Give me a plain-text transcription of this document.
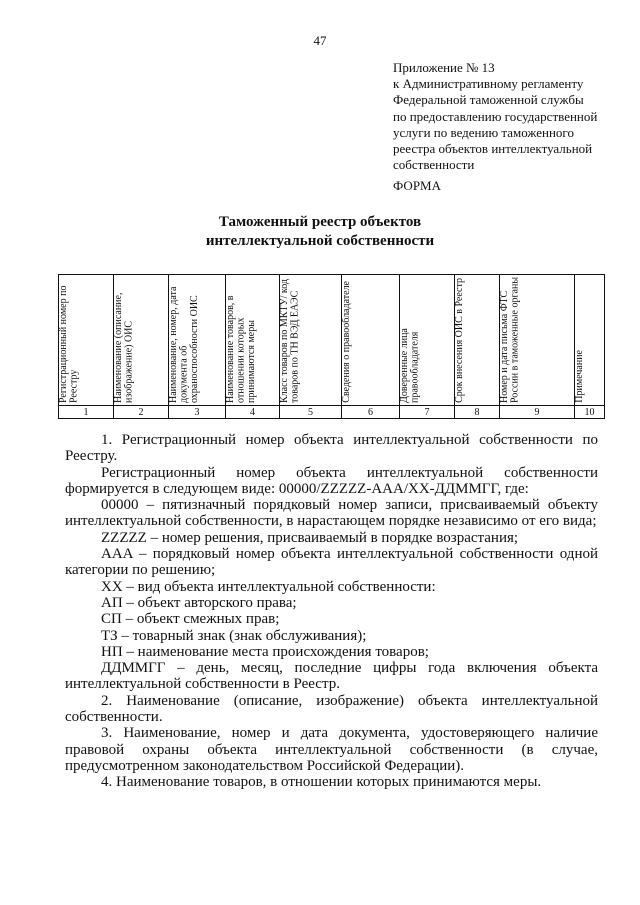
47
Приложение № 13
к Административному регламенту
Федеральной таможенной службы
по предоставлению государственной
услуги по ведению таможенного
реестра объектов интеллектуальной
собственности
ФОРМА
Таможенный реестр объектов
интеллектуальной собственности
Регистрационный номер по Реестру	Наименование (описание, изображение) ОИС	Наименование, номер, дата документа об охраноспособности ОИС	Наименование товаров, в отношении которых принимаются меры	Класс товаров по МКТУ/ код товаров по ТН ВЭД ЕАЭС	Сведения о правообладателе	Доверенные лица правообладателя	Срок внесения ОИС в Реестр	Номер и дата письма ФТС России в таможенные органы	Примечание

1	2	3	4	5	6	7	8	9	10

1. Регистрационный номер объекта интеллектуальной собственности по Реестру.

Регистрационный номер объекта интеллектуальной собственности формируется в следующем виде: 00000/ZZZZZ-AAA/XX-ДДММГГ, где:

00000 – пятизначный порядковый номер записи, присваиваемый объекту интеллектуальной собственности, в нарастающем порядке независимо от его вида;

ZZZZZ – номер решения, присваиваемый в порядке возрастания;

AAA – порядковый номер объекта интеллектуальной собственности одной категории по решению;

XX – вид объекта интеллектуальной собственности:

АП – объект авторского права;

СП – объект смежных прав;

ТЗ – товарный знак (знак обслуживания);

НП – наименование места происхождения товаров;

ДДММГГ – день, месяц, последние цифры года включения объекта интеллектуальной собственности в Реестр.

2. Наименование (описание, изображение) объекта интеллектуальной собственности.

3. Наименование, номер и дата документа, удостоверяющего наличие правовой охраны объекта интеллектуальной собственности (в случае, предусмотренном законодательством Российской Федерации).

4. Наименование товаров, в отношении которых принимаются меры.
